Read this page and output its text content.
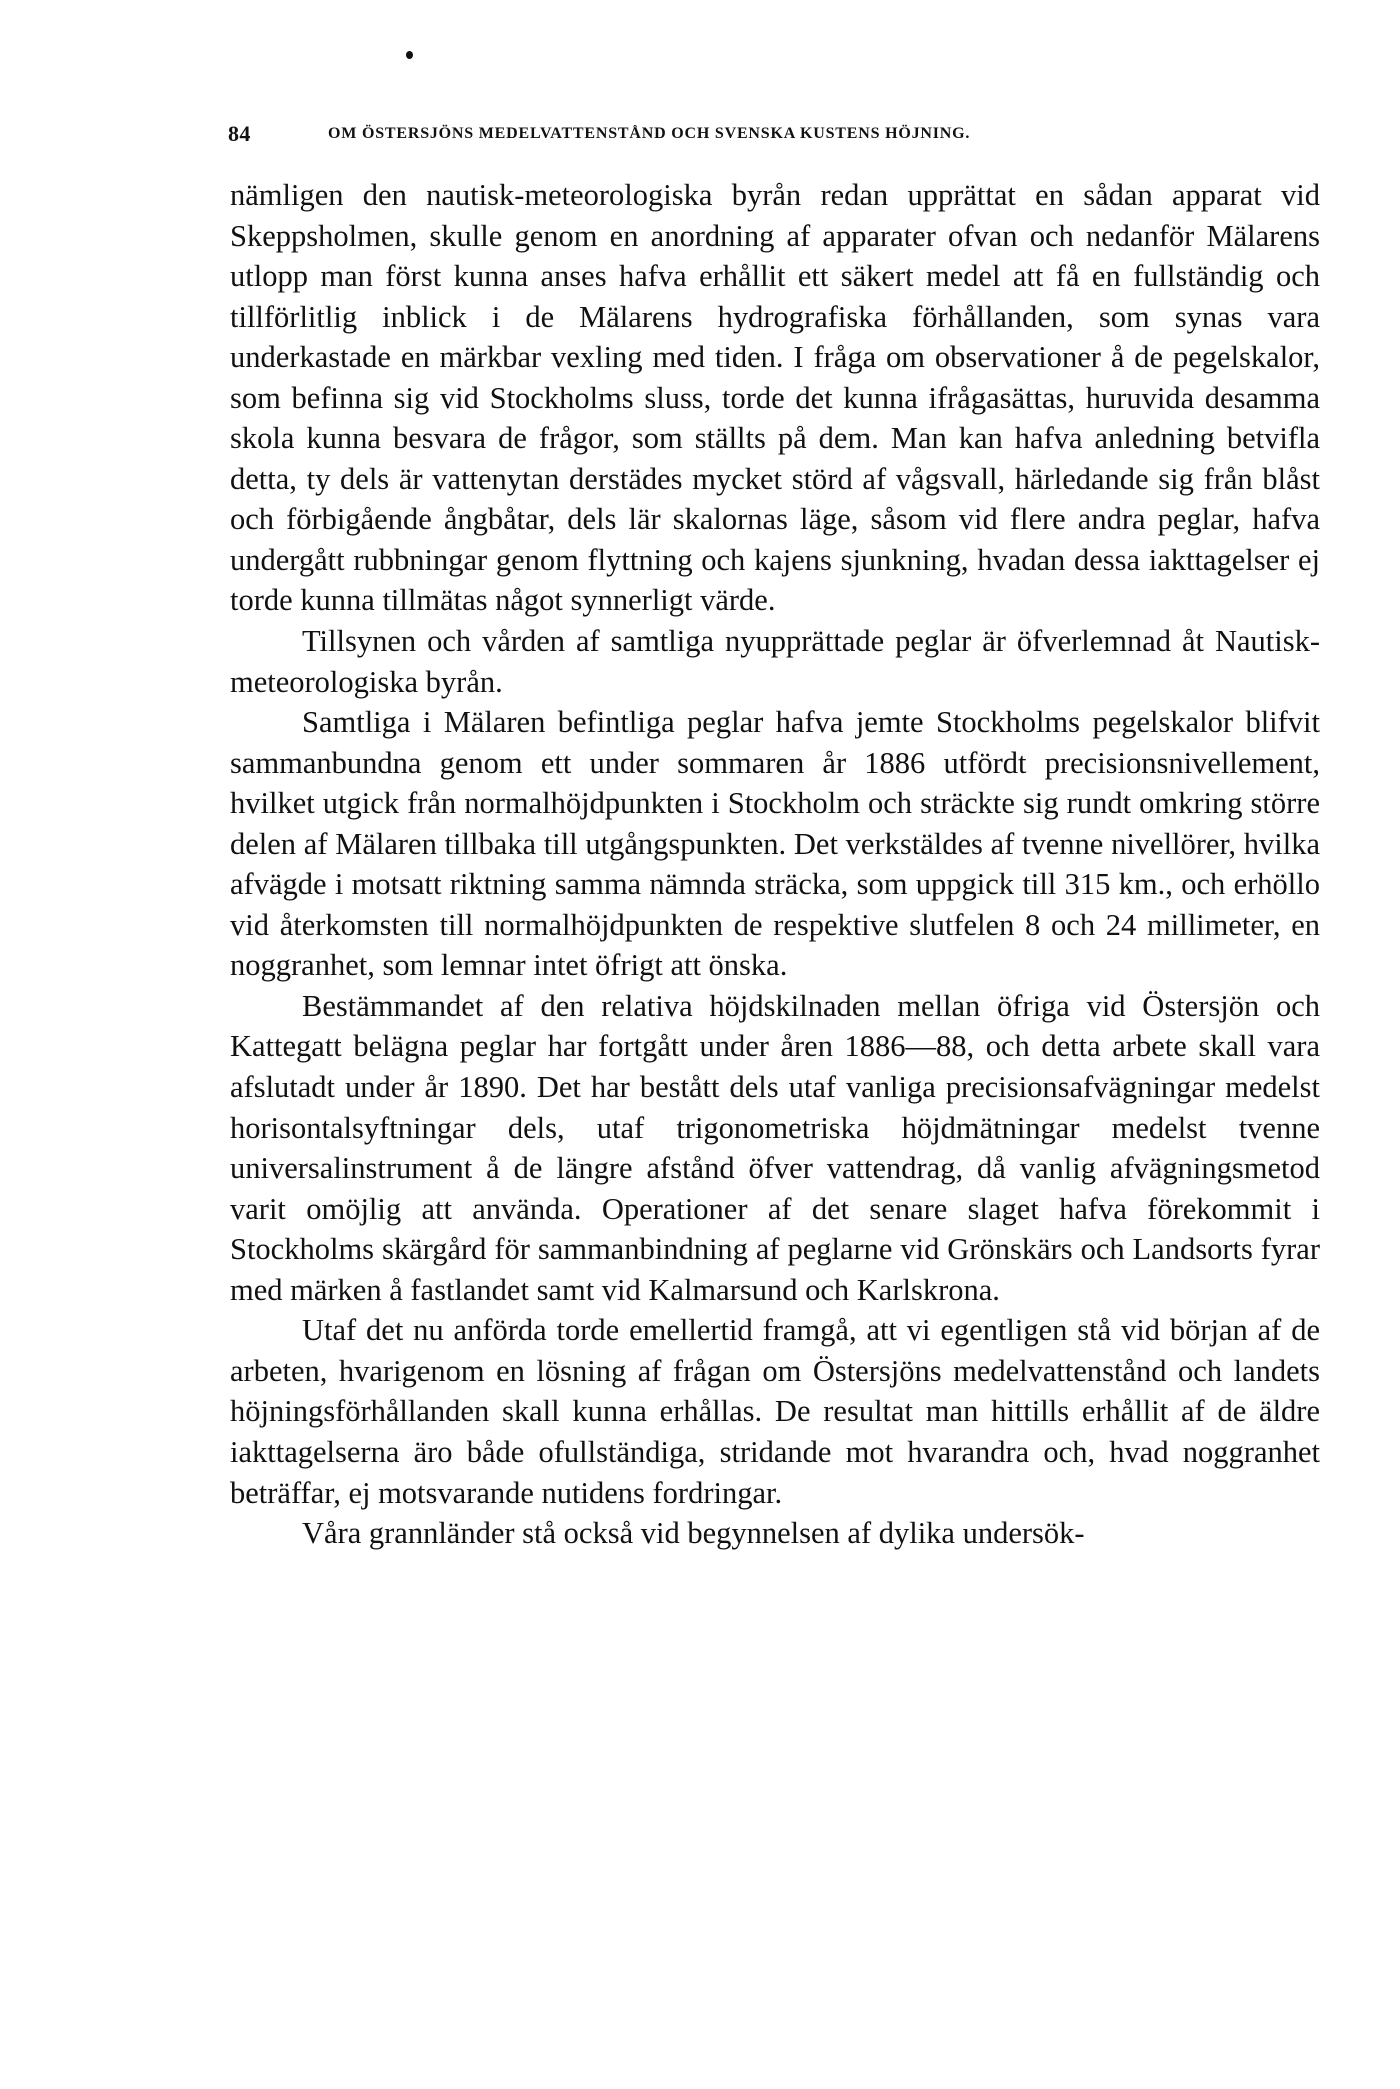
84	OM ÖSTERSJÖNS MEDELVATTENSTÅND OCH SVENSKA KUSTENS HÖJNING.

nämligen den nautisk-meteorologiska byrån redan upprättat en sådan apparat vid Skeppsholmen, skulle genom en anordning af apparater ofvan och nedanför Mälarens utlopp man först kunna anses hafva erhållit ett säkert medel att få en fullständig och tillförlitlig inblick i de Mälarens hydrografiska förhållanden, som synas vara underkastade en märkbar vexling med tiden. I fråga om observationer å de pegelskalor, som befinna sig vid Stockholms sluss, torde det kunna ifrågasättas, huruvida desamma skola kunna besvara de frågor, som ställts på dem. Man kan hafva anledning betvifla detta, ty dels är vattenytan derstädes mycket störd af vågsvall, härledande sig från blåst och förbigående ångbåtar, dels lär skalornas läge, såsom vid flere andra peglar, hafva undergått rubbningar genom flyttning och kajens sjunkning, hvadan dessa iakttagelser ej torde kunna tillmätas något synnerligt värde.

Tillsynen och vården af samtliga nyupprättade peglar är öfverlemnad åt Nautisk-meteorologiska byrån.

Samtliga i Mälaren befintliga peglar hafva jemte Stockholms pegelskalor blifvit sammanbundna genom ett under sommaren år 1886 utfördt precisionsnivellement, hvilket utgick från normalhöjdpunkten i Stockholm och sträckte sig rundt omkring större delen af Mälaren tillbaka till utgångspunkten. Det verkstäldes af tvenne nivellörer, hvilka afvägde i motsatt riktning samma nämnda sträcka, som uppgick till 315 km., och erhöllo vid återkomsten till normalhöjdpunkten de respektive slutfelen 8 och 24 millimeter, en noggranhet, som lemnar intet öfrigt att önska.

Bestämmandet af den relativa höjdskilnaden mellan öfriga vid Östersjön och Kattegatt belägna peglar har fortgått under åren 1886—88, och detta arbete skall vara afslutadt under år 1890. Det har bestått dels utaf vanliga precisionsafvägningar medelst horisontalsyftningar dels, utaf trigonometriska höjdmätningar medelst tvenne universalinstrument å de längre afstånd öfver vattendrag, då vanlig afvägningsmetod varit omöjlig att använda. Operationer af det senare slaget hafva förekommit i Stockholms skärgård för sammanbindning af peglarne vid Grönskärs och Landsorts fyrar med märken å fastlandet samt vid Kalmarsund och Karlskrona.

Utaf det nu anförda torde emellertid framgå, att vi egentligen stå vid början af de arbeten, hvarigenom en lösning af frågan om Östersjöns medelvattenstånd och landets höjningsförhållanden skall kunna erhållas. De resultat man hittills erhållit af de äldre iakttagelserna äro både ofullständiga, stridande mot hvarandra och, hvad noggranhet beträffar, ej motsvarande nutidens fordringar.

Våra grannländer stå också vid begynnelsen af dylika undersök-
